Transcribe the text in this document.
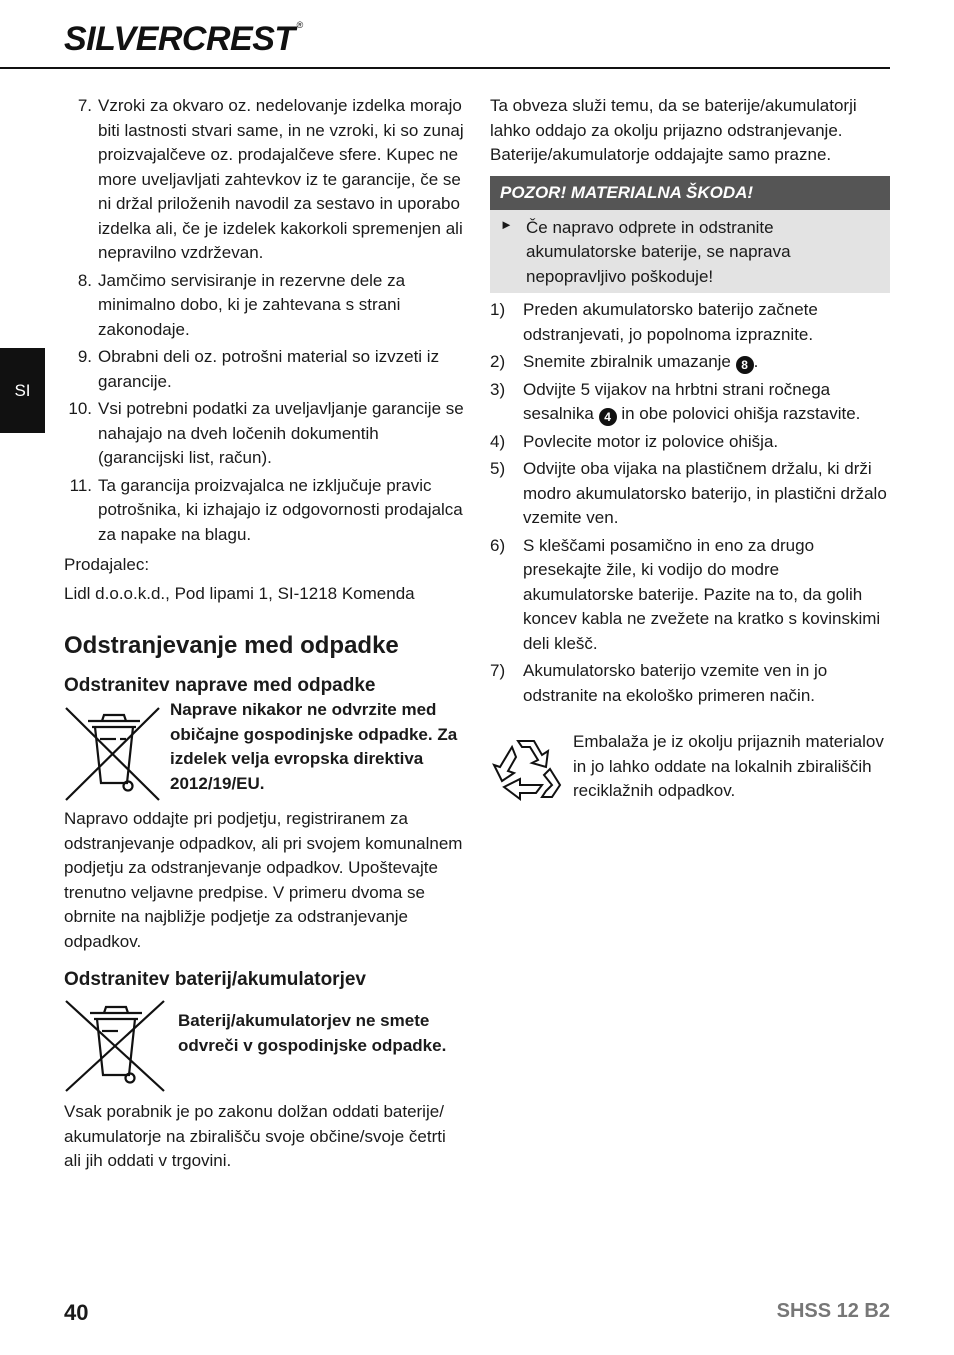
SILVERCREST ®
SI
7. Vzroki za okvaro oz. nedelovanje izdelka morajo biti lastnosti stvari same, in ne vzroki, ki so zunaj proizvajalčeve oz. prodajalčeve sfere. Kupec ne more uveljavljati zahtevkov iz te garancije, če se ni držal priloženih navodil za sestavo in uporabo izdelka ali, če je izdelek kakorkoli spremenjen ali nepravilno vzdrževan.
8. Jamčimo servisiranje in rezervne dele za minimalno dobo, ki je zahtevana s strani zakonodaje.
9. Obrabni deli oz. potrošni material so izvzeti iz garancije.
10. Vsi potrebni podatki za uveljavljanje garancije se nahajajo na dveh ločenih dokumentih (garancijski list, račun).
11. Ta garancija proizvajalca ne izključuje pravic potrošnika, ki izhajajo iz odgovornosti prodajalca za napake na blagu.

Prodajalec:

Lidl d.o.o.k.d., Pod lipami 1, SI-1218 Komenda

Odstranjevanje med odpadke
Odstranitev naprave med odpadke

Naprave nikakor ne odvrzite med običajne gospodinjske odpadke. Za izdelek velja evropska direktiva 2012/19/EU.

Napravo oddajte pri podjetju, registriranem za odstranjevanje odpadkov, ali pri svojem komunalnem podjetju za odstranjevanje odpadkov. Upoštevajte trenutno veljavne predpise. V primeru dvoma se obrnite na najbližje podjetje za odstranjevanje odpadkov.

Odstranitev baterij/akumulatorjev

Baterij/akumulatorjev ne smete odvreči v gospodinjske odpadke.

Vsak porabnik je po zakonu dolžan oddati baterije/ akumulatorje na zbirališču svoje občine/svoje četrti ali jih oddati v trgovini.

Ta obveza služi temu, da se baterije/akumulatorji lahko oddajo za okolju prijazno odstranjevanje. Baterije/akumulatorje oddajajte samo prazne.

POZOR! MATERIALNA ŠKODA!
► Če napravo odprete in odstranite akumulatorske baterije, se naprava nepopravljivo poškoduje!

1)	Preden akumulatorsko baterijo začnete odstranjevati, jo popolnoma izpraznite.
2)	Snemite zbiralnik umazanje 8 .
3)	Odvijte 5 vijakov na hrbtni strani ročnega sesalnika 4 in obe polovici ohišja razstavite.
4)	Povlecite motor iz polovice ohišja.
5)	Odvijte oba vijaka na plastičnem držalu, ki drži modro akumulatorsko baterijo, in plastični držalo vzemite ven.
6)	S kleščami posamično in eno za drugo presekajte žile, ki vodijo do modre akumulatorske baterije. Pazite na to, da golih koncev kabla ne zvežete na kratko s kovinskimi deli klešč.
7)	Akumulatorsko baterijo vzemite ven in jo odstranite na ekološko primeren način.

Embalaža je iz okolju prijaznih materialov in jo lahko oddate na lokalnih zbirališčih reciklažnih odpadkov.

40	SHSS 12 B2
